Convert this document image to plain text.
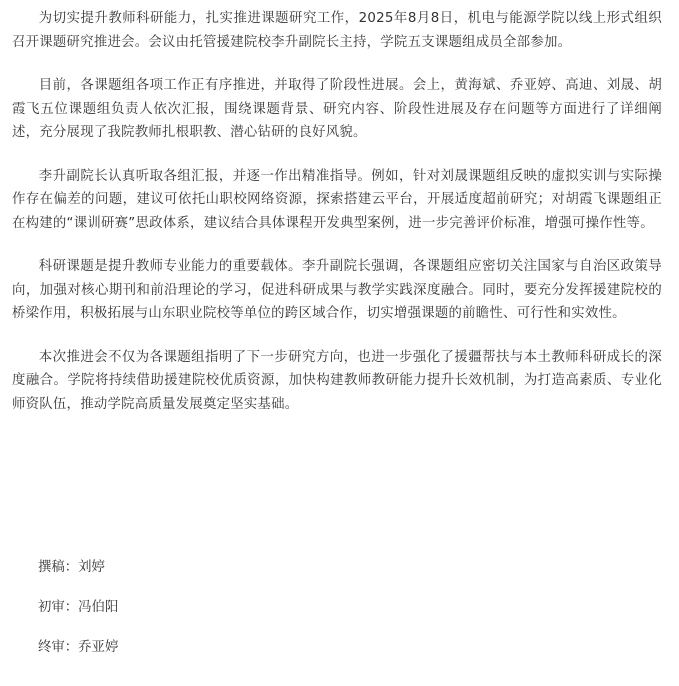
为切实提升教师科研能力，扎实推进课题研究工作，2025年8月8日，机电与能源学院以线上形式组织召开课题研究推进会。会议由托管援建院校李升副院长主持，学院五支课题组成员全部参加。

目前，各课题组各项工作正有序推进，并取得了阶段性进展。会上，黄海斌、乔亚婷、高迪、刘晟、胡霞飞五位课题组负责人依次汇报，围绕课题背景、研究内容、阶段性进展及存在问题等方面进行了详细阐述，充分展现了我院教师扎根职教、潜心钻研的良好风貌。

李升副院长认真听取各组汇报，并逐一作出精准指导。例如，针对刘晟课题组反映的虚拟实训与实际操作存在偏差的问题，建议可依托山职校网络资源，探索搭建云平台，开展适度超前研究；对胡霞飞课题组正在构建的“课训研赛”思政体系，建议结合具体课程开发典型案例，进一步完善评价标准，增强可操作性等。

科研课题是提升教师专业能力的重要载体。李升副院长强调，各课题组应密切关注国家与自治区政策导向，加强对核心期刊和前沿理论的学习，促进科研成果与教学实践深度融合。同时，要充分发挥援建院校的桥梁作用，积极拓展与山东职业院校等单位的跨区域合作，切实增强课题的前瞻性、可行性和实效性。

本次推进会不仅为各课题组指明了下一步研究方向，也进一步强化了援疆帮扶与本土教师科研成长的深度融合。学院将持续借助援建院校优质资源，加快构建教师教研能力提升长效机制，为打造高素质、专业化师资队伍，推动学院高质量发展奠定坚实基础。

撰稿：刘婷
初审：冯伯阳
终审：乔亚婷
